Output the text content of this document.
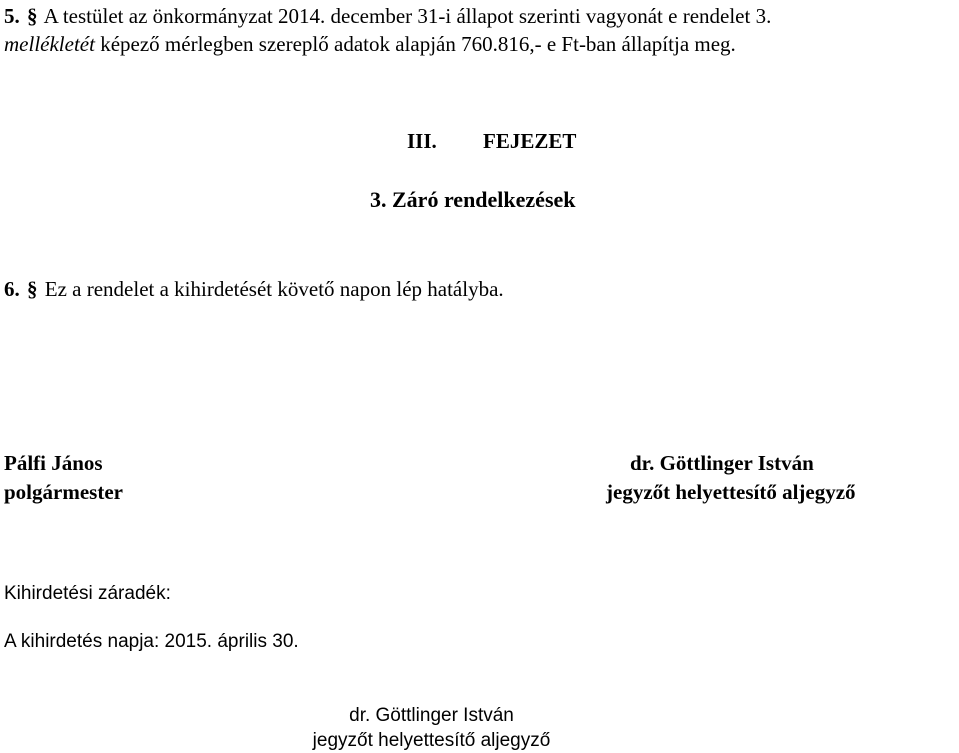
5. § A testület az önkormányzat 2014. december 31-i állapot szerinti vagyonát e rendelet 3.
mellékletét képező mérlegben szereplő adatok alapján 760.816,- e Ft-ban állapítja meg.
III. FEJEZET
3. Záró rendelkezések
6. § Ez a rendelet a kihirdetését követő napon lép hatályba.
Pálfi János
polgármester
dr. Göttlinger István
jegyzőt helyettesítő aljegyző
Kihirdetési záradék:
A kihirdetés napja: 2015. április 30.
dr. Göttlinger István
jegyzőt helyettesítő aljegyző
